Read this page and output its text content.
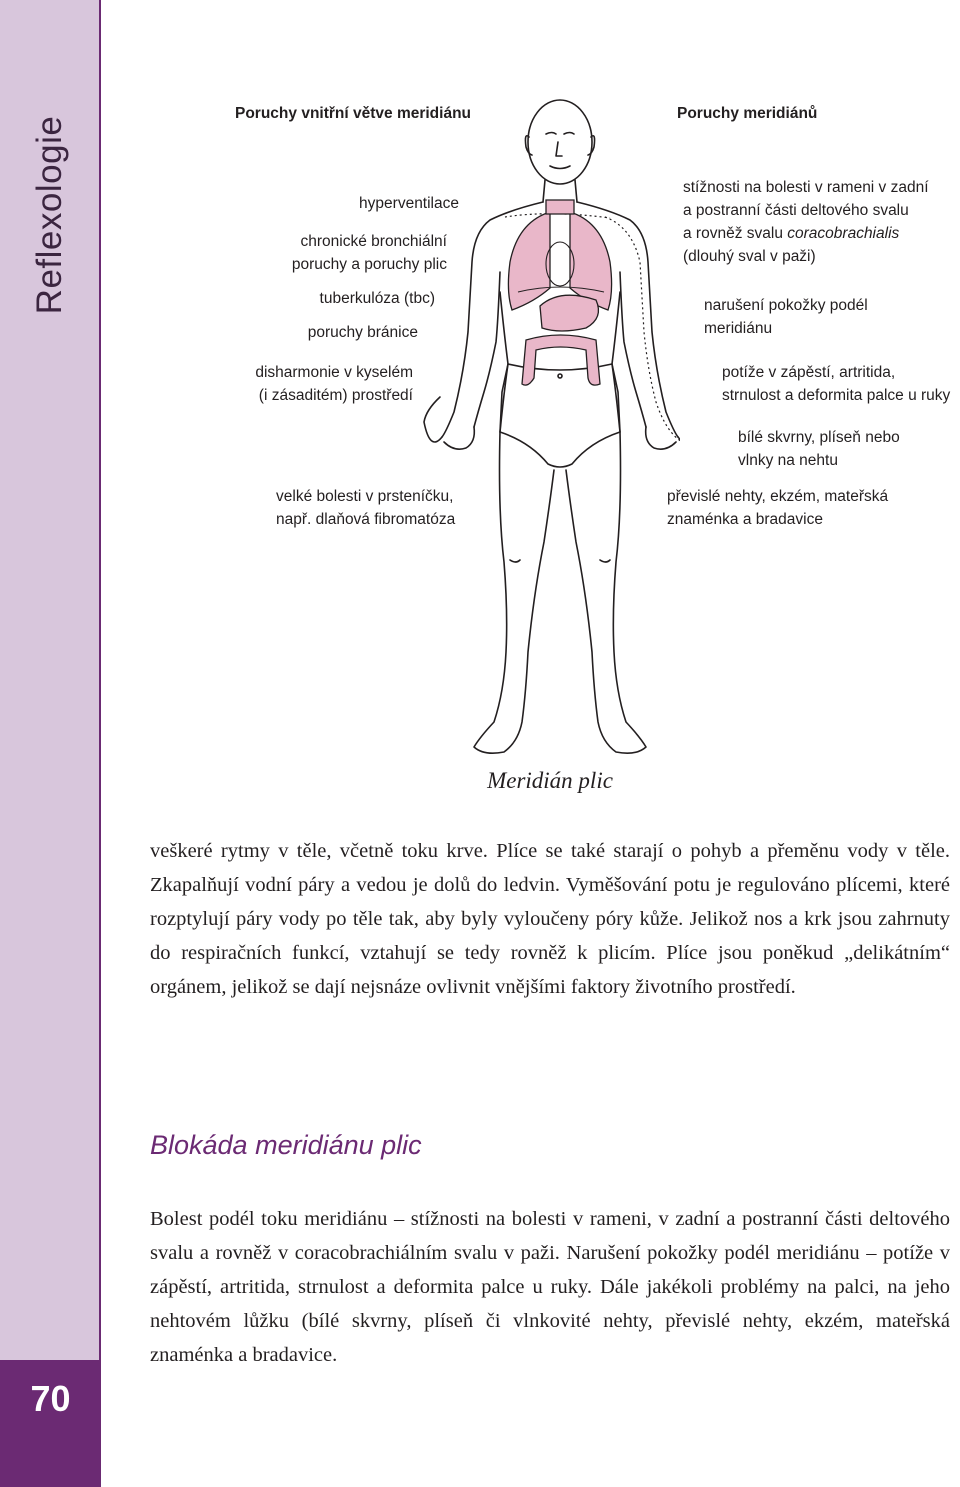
Reflexologie
70
Poruchy vnitřní větve meridiánu
hyperventilace
chronické bronchiální
poruchy a poruchy plic
tuberkulóza (tbc)
poruchy bránice
disharmonie v kyselém
(i zásaditém) prostředí
velké bolesti v prsteníčku,
např. dlaňová fibromatóza
Poruchy meridiánů
stížnosti na bolesti v rameni v zadní
a postranní části deltového svalu
a rovněž svalu coracobrachialis
(dlouhý sval v paži)
narušení pokožky podél
meridiánu
potíže v zápěstí, artritida,
strnulost a deformita palce u ruky
bílé skvrny, plíseň nebo
vlnky na nehtu
převislé nehty, ekzém, mateřská
znaménka a bradavice
Meridián plic

veškeré rytmy v těle, včetně toku krve. Plíce se také starají o pohyb a přeměnu vody v těle. Zkapalňují vodní páry a vedou je dolů do ledvin. Vyměšování potu je regulováno plícemi, které rozptylují páry vody po těle tak, aby byly vyloučeny póry kůže. Jelikož nos a krk jsou zahrnuty do respiračních funkcí, vztahují se tedy rovněž k plicím. Plíce jsou poněkud „delikátním“ orgánem, jelikož se dají nejsnáze ovlivnit vnějšími faktory životního prostředí.

Blokáda meridiánu plic

Bolest podél toku meridiánu – stížnosti na bolesti v rameni, v zadní a postranní části deltového svalu a rovněž v coracobrachiálním svalu v paži. Narušení pokožky podél meridiánu – potíže v zápěstí, artritida, strnulost a deformita palce u ruky. Dále jakékoli problémy na palci, na jeho nehtovém lůžku (bílé skvrny, plíseň či vlnkovité nehty, převislé nehty, ekzém, mateřská znaménka a bradavice.
